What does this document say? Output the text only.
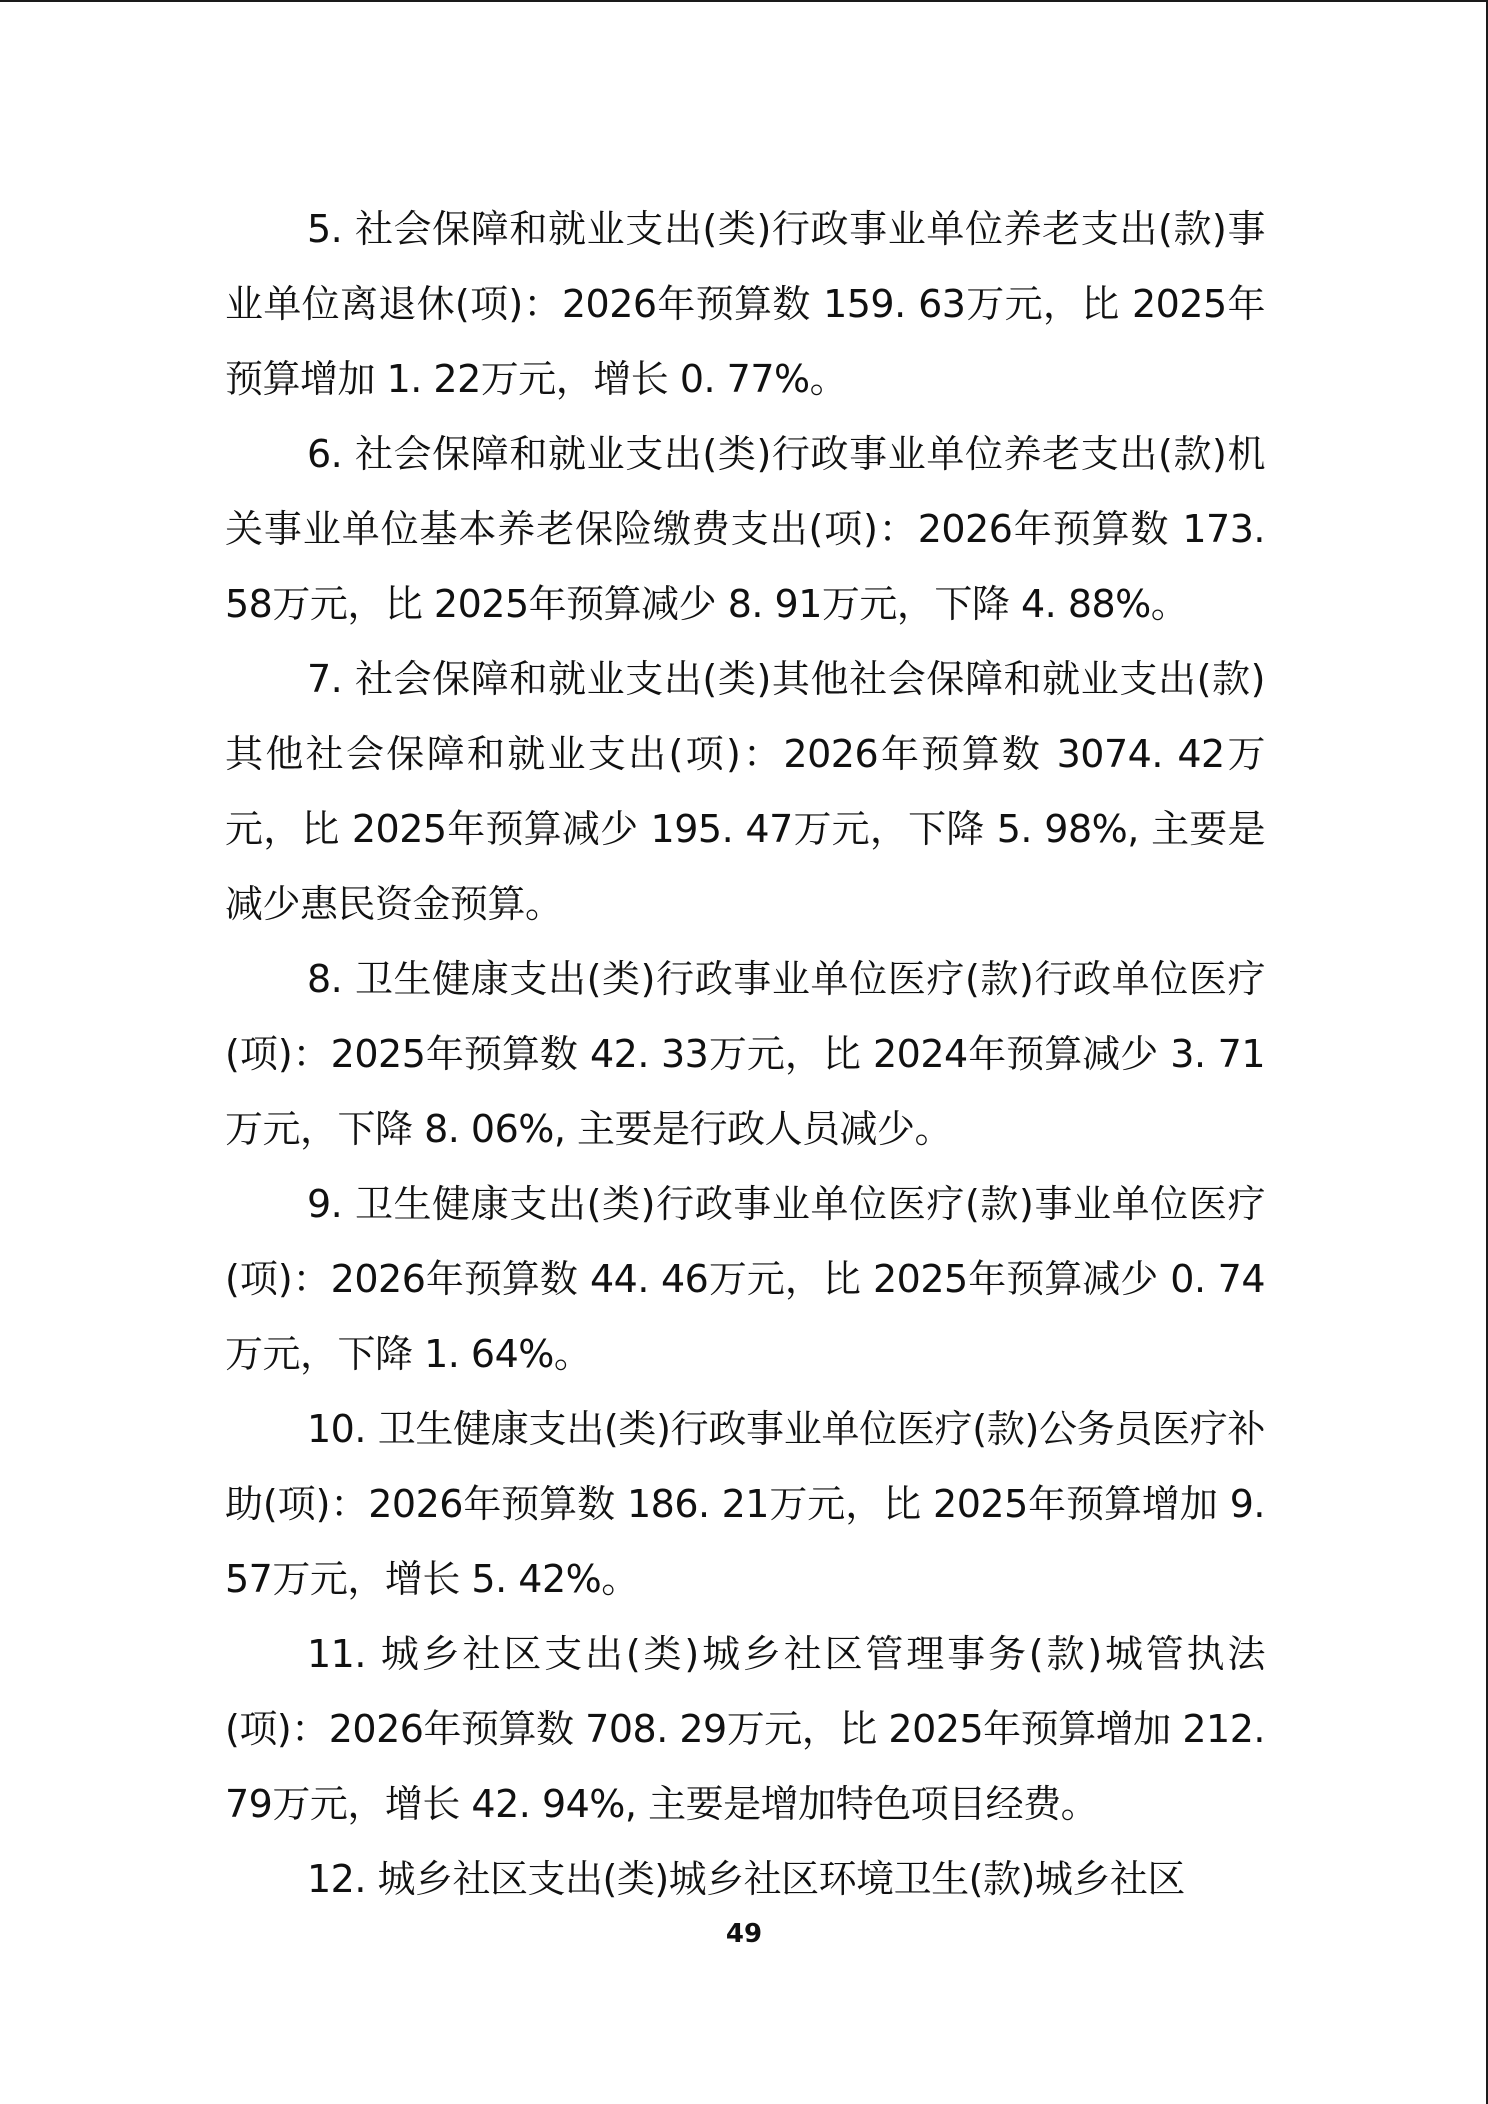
5. 社会保障和就业支出(类)行政事业单位养老支出(款)事业单位离退休(项)：2026年预算数 159. 63万元，比 2025年预算增加 1. 22万元，增长 0. 77%。

6. 社会保障和就业支出(类)行政事业单位养老支出(款)机关事业单位基本养老保险缴费支出(项)：2026年预算数 173. 58万元，比 2025年预算减少 8. 91万元，下降 4. 88%。

7. 社会保障和就业支出(类)其他社会保障和就业支出(款)其他社会保障和就业支出(项)：2026年预算数 3074. 42万元，比 2025年预算减少 195. 47万元，下降 5. 98%, 主要是减少惠民资金预算。

8. 卫生健康支出(类)行政事业单位医疗(款)行政单位医疗(项)：2025年预算数 42. 33万元，比 2024年预算减少 3. 71万元，下降 8. 06%, 主要是行政人员减少。

9. 卫生健康支出(类)行政事业单位医疗(款)事业单位医疗(项)：2026年预算数 44. 46万元，比 2025年预算减少 0. 74万元，下降 1. 64%。

10. 卫生健康支出(类)行政事业单位医疗(款)公务员医疗补助(项)：2026年预算数 186. 21万元，比 2025年预算增加 9. 57万元，增长 5. 42%。

11. 城乡社区支出(类)城乡社区管理事务(款)城管执法(项)：2026年预算数 708. 29万元，比 2025年预算增加 212. 79万元，增长 42. 94%, 主要是增加特色项目经费。

12. 城乡社区支出(类)城乡社区环境卫生(款)城乡社区

49
